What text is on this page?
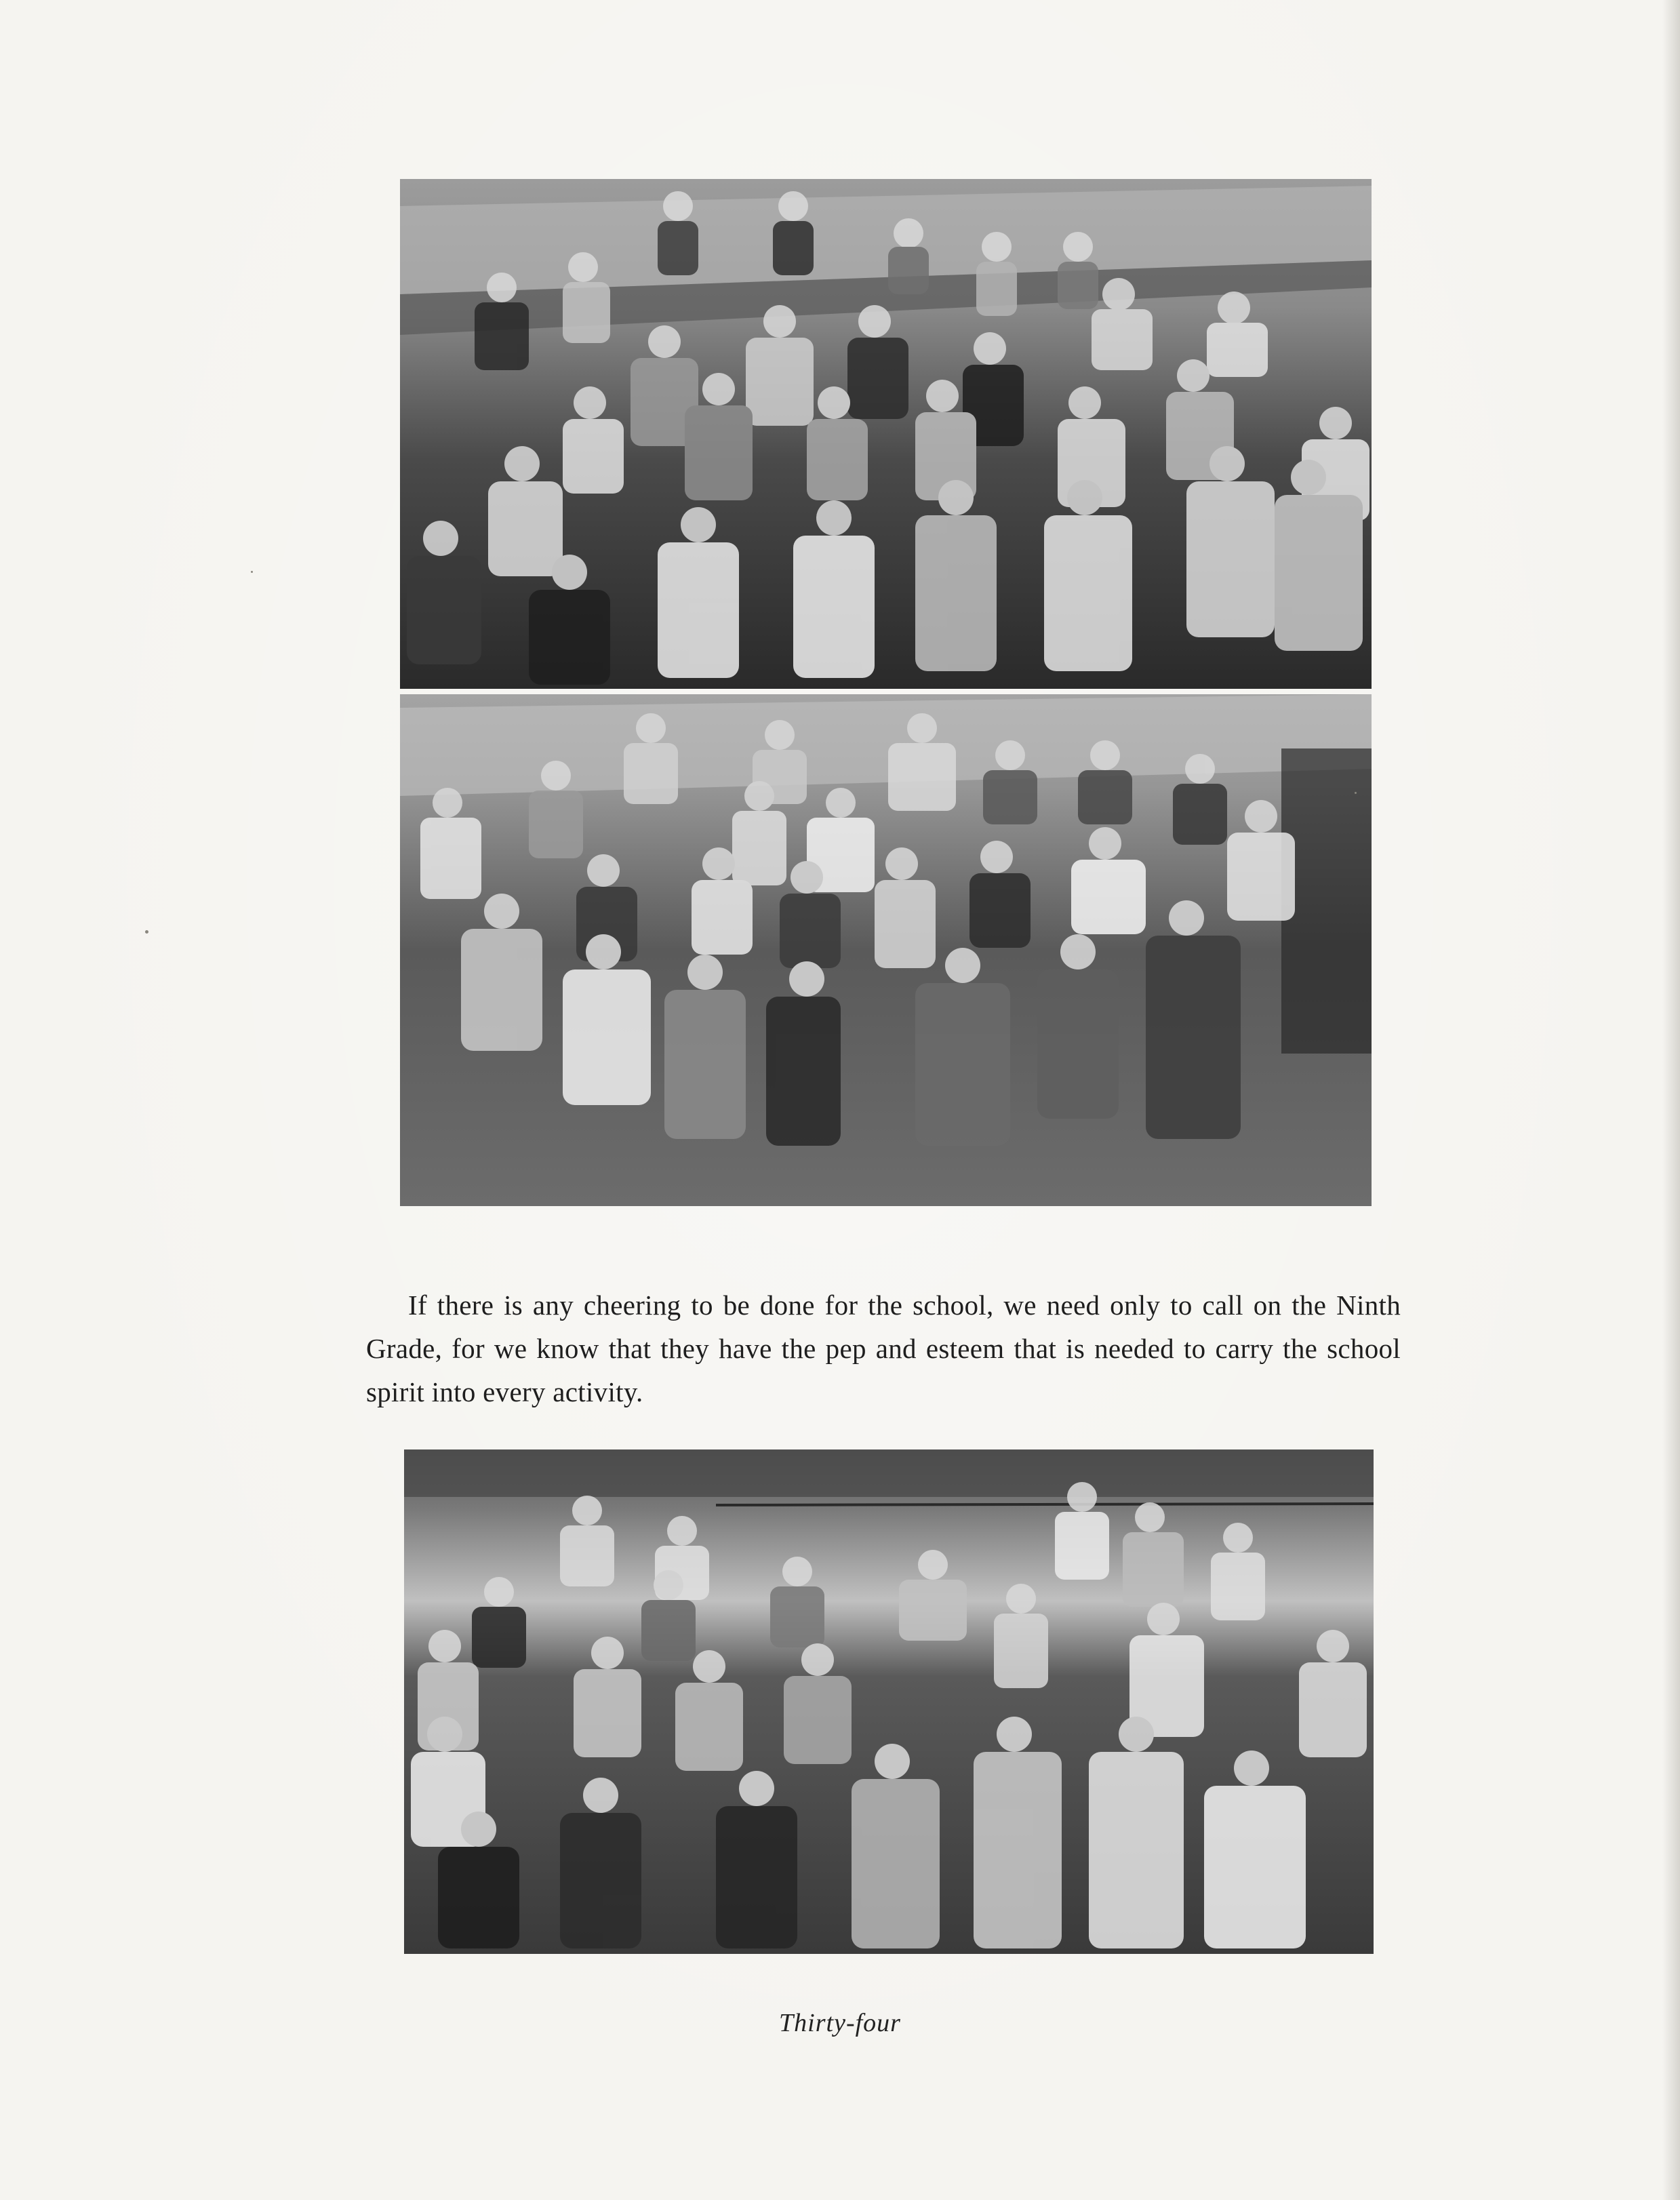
If there is any cheering to be done for the school, we need only to call on the Ninth Grade, for we know that they have the pep and esteem that is needed to carry the school spirit into every activity.

Thirty-four
